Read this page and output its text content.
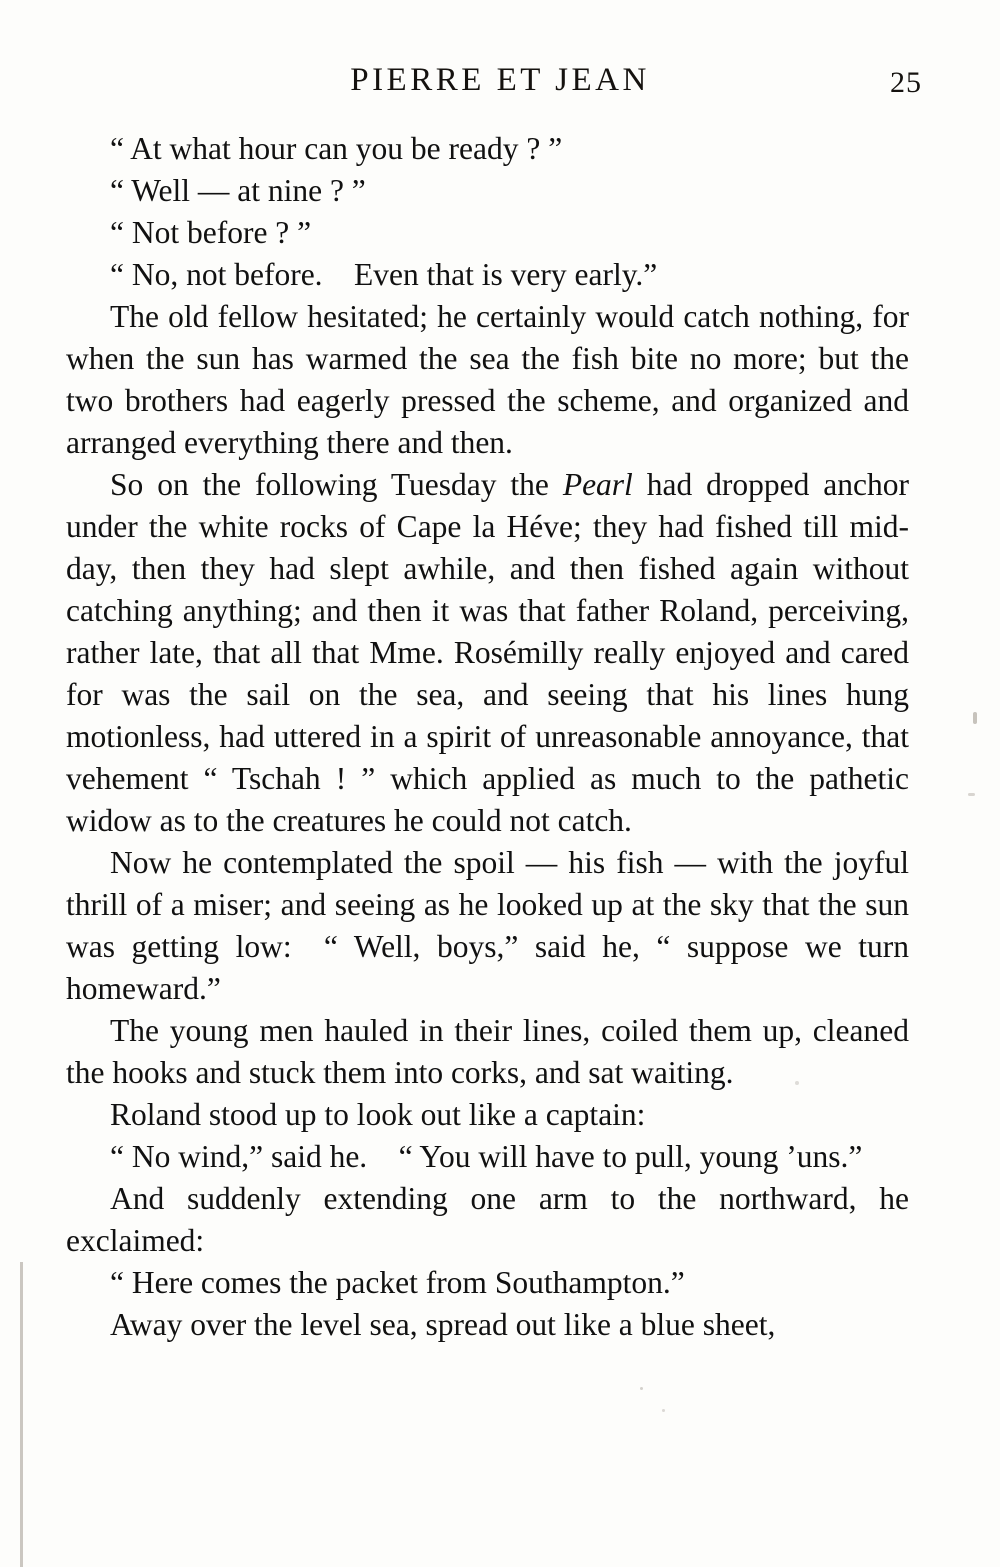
PIERRE ET JEAN	25

“ At what hour can you be ready ? ”

“ Well — at nine ? ”

“ Not before ? ”

“ No, not before. Even that is very early.”

The old fellow hesitated; he certainly would catch nothing, for when the sun has warmed the sea the fish bite no more; but the two brothers had eagerly pressed the scheme, and organized and arranged everything there and then.

So on the following Tuesday the Pearl had dropped anchor under the white rocks of Cape la Héve; they had fished till mid-day, then they had slept awhile, and then fished again without catching anything; and then it was that father Roland, perceiving, rather late, that all that Mme. Rosémilly really enjoyed and cared for was the sail on the sea, and seeing that his lines hung motionless, had uttered in a spirit of unreasonable annoyance, that vehement “ Tschah ! ” which applied as much to the pathetic widow as to the creatures he could not catch.

Now he contemplated the spoil — his fish — with the joyful thrill of a miser; and seeing as he looked up at the sky that the sun was getting low:  “ Well, boys,” said he, “ suppose we turn homeward.”

The young men hauled in their lines, coiled them up, cleaned the hooks and stuck them into corks, and sat waiting.

Roland stood up to look out like a captain:

“ No wind,” said he. “ You will have to pull, young ’uns.”

And suddenly extending one arm to the northward, he exclaimed:

“ Here comes the packet from Southampton.”

Away over the level sea, spread out like a blue sheet,
